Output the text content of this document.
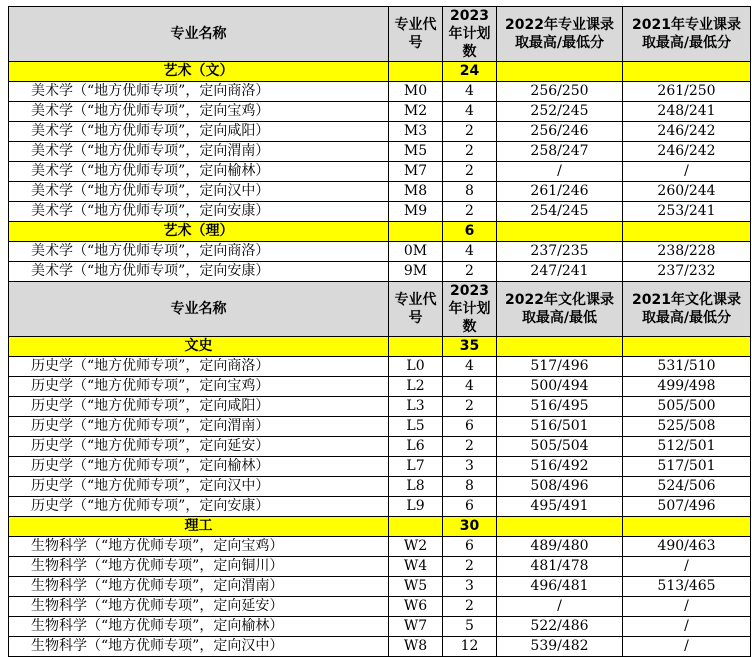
专业名称	专业代号	2023年计划数	2022年专业课录取最高/最低分	2021年专业课录取最高/最低分
艺术（文）		24		
美术学（“地方优师专项”，定向商洛）	M0	4	256/250	261/250
美术学（“地方优师专项”，定向宝鸡）	M2	4	252/245	248/241
美术学（“地方优师专项”，定向咸阳）	M3	2	256/246	246/242
美术学（“地方优师专项”，定向渭南）	M5	2	258/247	246/242
美术学（“地方优师专项”，定向榆林）	M7	2	/	/
美术学（“地方优师专项”，定向汉中）	M8	8	261/246	260/244
美术学（“地方优师专项”，定向安康）	M9	2	254/245	253/241
艺术（理）		6		
美术学（“地方优师专项”，定向商洛）	0M	4	237/235	238/228
美术学（“地方优师专项”，定向安康）	9M	2	247/241	237/232
专业名称	专业代号	2023年计划数	2022年文化课录取最高/最低	2021年文化课录取最高/最低分
文史		35		
历史学（“地方优师专项”，定向商洛）	L0	4	517/496	531/510
历史学（“地方优师专项”，定向宝鸡）	L2	4	500/494	499/498
历史学（“地方优师专项”，定向咸阳）	L3	2	516/495	505/500
历史学（“地方优师专项”，定向渭南）	L5	6	516/501	525/508
历史学（“地方优师专项”，定向延安）	L6	2	505/504	512/501
历史学（“地方优师专项”，定向榆林）	L7	3	516/492	517/501
历史学（“地方优师专项”，定向汉中）	L8	8	508/496	524/506
历史学（“地方优师专项”，定向安康）	L9	6	495/491	507/496
理工		30		
生物科学（“地方优师专项”，定向宝鸡）	W2	6	489/480	490/463
生物科学（“地方优师专项”，定向铜川）	W4	2	481/478	/
生物科学（“地方优师专项”，定向渭南）	W5	3	496/481	513/465
生物科学（“地方优师专项”，定向延安）	W6	2	/	/
生物科学（“地方优师专项”，定向榆林）	W7	5	522/486	/
生物科学（“地方优师专项”，定向汉中）	W8	12	539/482	/
